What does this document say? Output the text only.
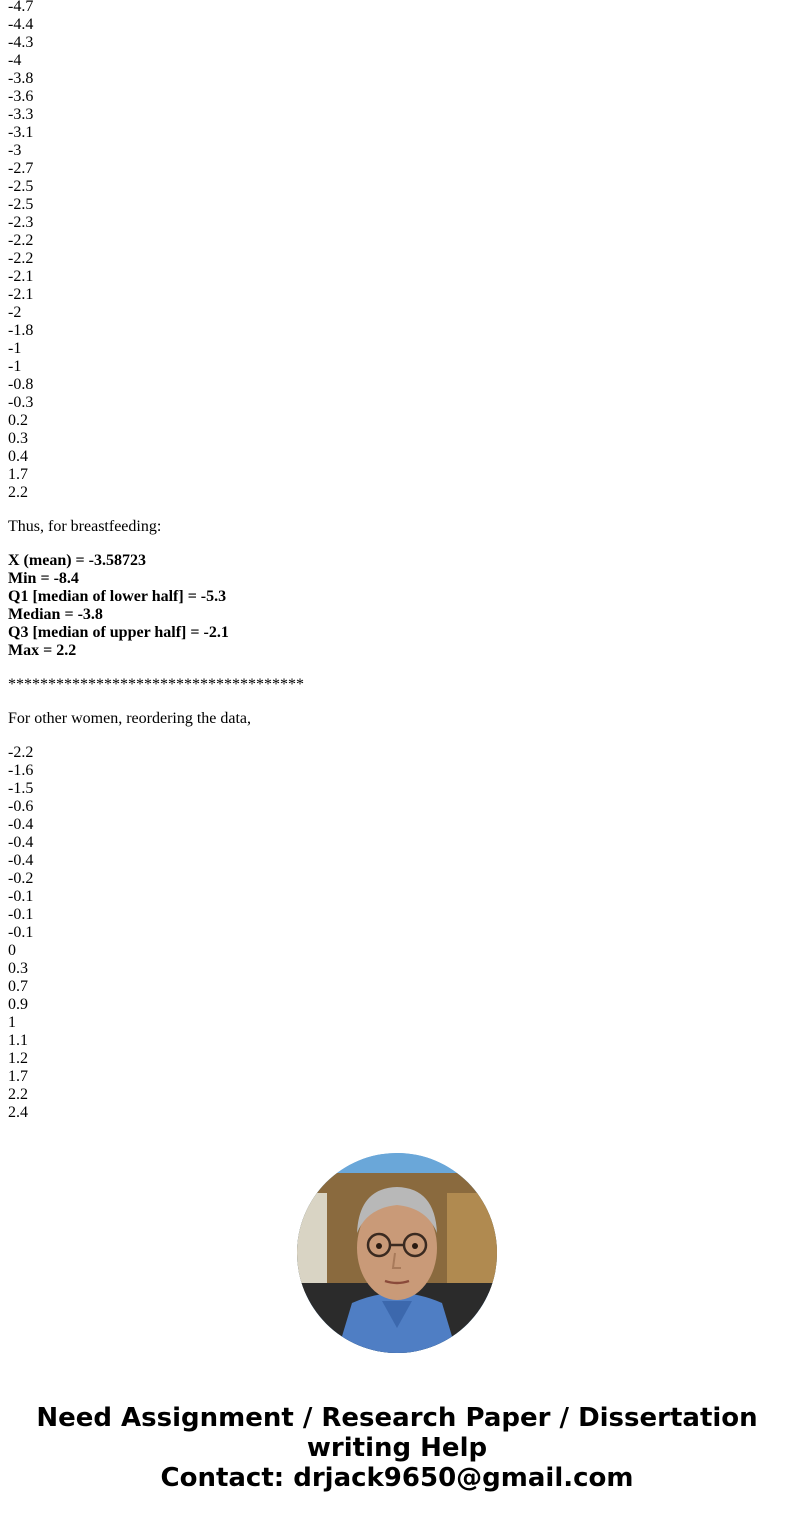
-4.7
-4.4
-4.3
-4
-3.8
-3.6
-3.3
-3.1
-3
-2.7
-2.5
-2.5
-2.3
-2.2
-2.2
-2.1
-2.1
-2
-1.8
-1
-1
-0.8
-0.3
0.2
0.3
0.4
1.7
2.2
Thus, for breastfeeding:
X (mean) = -3.58723
Min = -8.4
Q1 [median of lower half] = -5.3
Median = -3.8
Q3 [median of upper half] = -2.1
Max = 2.2
*************************************
For other women, reordering the data,
-2.2
-1.6
-1.5
-0.6
-0.4
-0.4
-0.4
-0.2
-0.1
-0.1
-0.1
0
0.3
0.7
0.9
1
1.1
1.2
1.7
2.2
2.4
Need Assignment / Research Paper / Dissertation
writing Help
Contact: drjack9650@gmail.com
